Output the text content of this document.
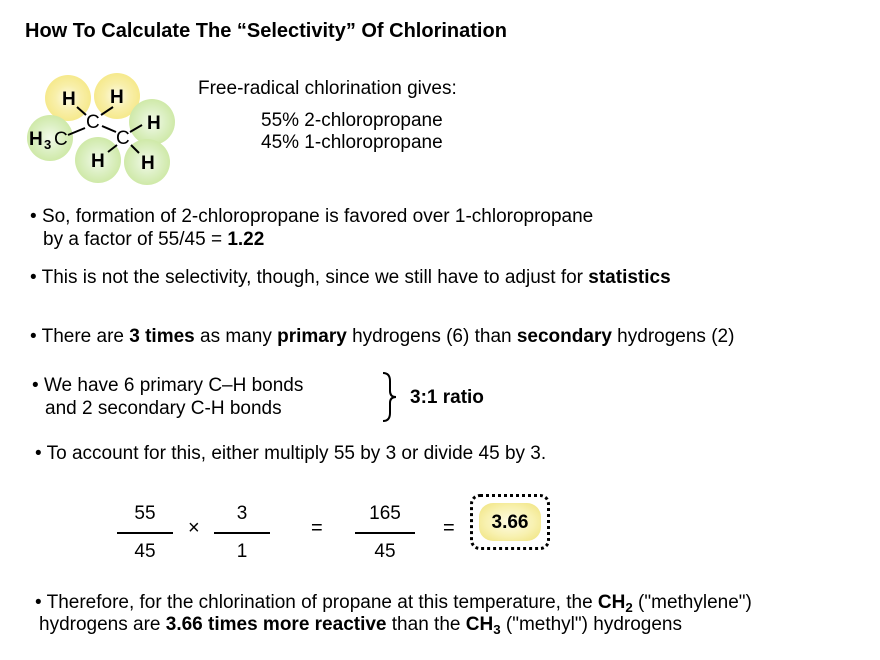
How To Calculate The “Selectivity” Of Chlorination
H H
H
H H
H 3
C
C
C
Free-radical chlorination gives:
55% 2-chloropropane
45% 1-chloropropane
• So, formation of 2-chloropropane is favored over 1-chloropropane
by a factor of 55/45 = 1.22
• This is not the selectivity, though, since we still have to adjust for statistics
• There are 3 times as many primary hydrogens (6) than secondary hydrogens (2)
• We have 6 primary C–H bonds
and 2 secondary C-H bonds
3:1 ratio
• To account for this, either multiply 55 by 3 or divide 45 by 3.
55
45
×
3
1
=
165
45
=	3.66
• Therefore, for the chlorination of propane at this temperature, the $CH_2$ ("methylene")
hydrogens are 3.66 times more reactive than the $CH_3$ ("methyl") hydrogens
